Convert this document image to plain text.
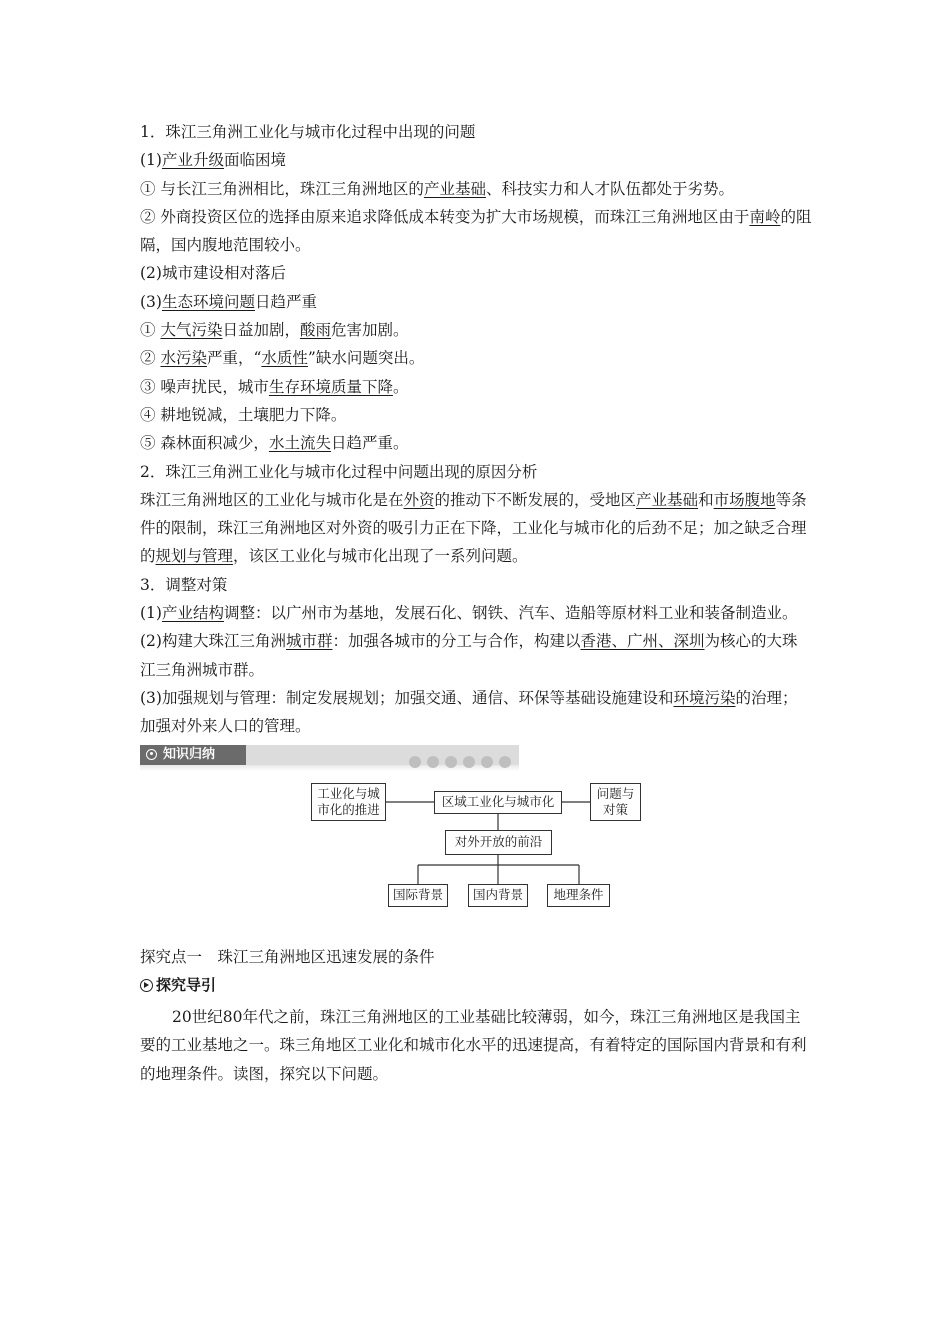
1．珠江三角洲工业化与城市化过程中出现的问题
(1)产业升级面临困境
① 与长江三角洲相比，珠江三角洲地区的产业基础、科技实力和人才队伍都处于劣势。
② 外商投资区位的选择由原来追求降低成本转变为扩大市场规模，而珠江三角洲地区由于南岭的阻隔，国内腹地范围较小。
(2)城市建设相对落后
(3)生态环境问题日趋严重
① 大气污染日益加剧，酸雨危害加剧。
② 水污染严重，“水质性”缺水问题突出。
③ 噪声扰民，城市生存环境质量下降。
④ 耕地锐减，土壤肥力下降。
⑤ 森林面积减少，水土流失日趋严重。
2．珠江三角洲工业化与城市化过程中问题出现的原因分析
珠江三角洲地区的工业化与城市化是在外资的推动下不断发展的，受地区产业基础和市场腹地等条件的限制，珠江三角洲地区对外资的吸引力正在下降，工业化与城市化的后劲不足；加之缺乏合理的规划与管理，该区工业化与城市化出现了一系列问题。
3．调整对策
(1)产业结构调整：以广州市为基地，发展石化、钢铁、汽车、造船等原材料工业和装备制造业。
(2)构建大珠江三角洲城市群：加强各城市的分工与合作，构建以香港、广州、深圳为核心的大珠江三角洲城市群。
(3)加强规划与管理：制定发展规划；加强交通、通信、环保等基础设施建设和环境污染的治理；加强对外来人口的管理。
知识归纳
工业化与城市化的推进	区域工业化与城市化
问题与对策
对外开放的前沿
国际背景	国内背景	地理条件
探究点一　珠江三角洲地区迅速发展的条件
探究导引
20世纪80年代之前，珠江三角洲地区的工业基础比较薄弱，如今，珠江三角洲地区是我国主要的工业基地之一。珠三角地区工业化和城市化水平的迅速提高，有着特定的国际国内背景和有利的地理条件。读图，探究以下问题。
